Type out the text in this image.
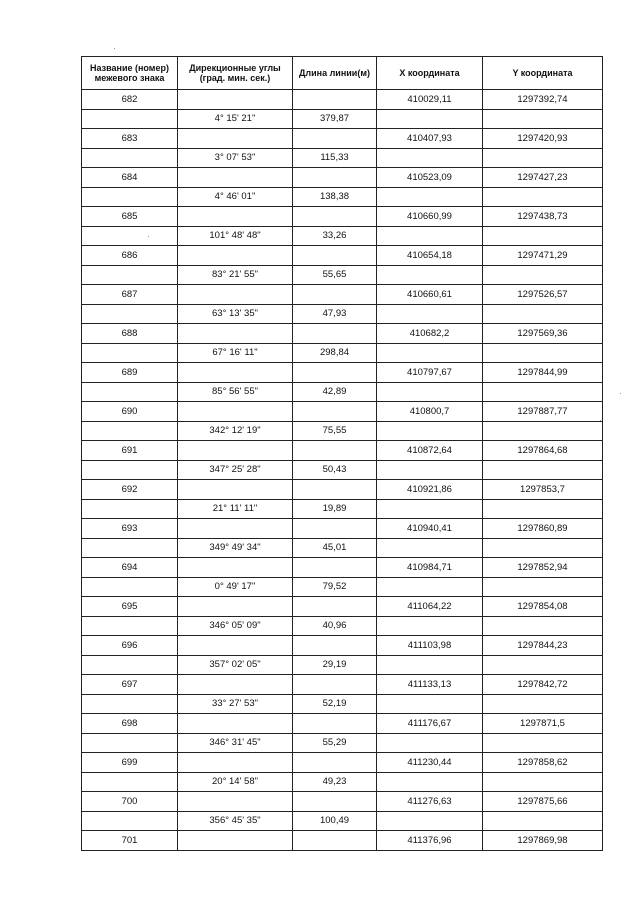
Название (номер) межевого знака	Дирекционные углы (град. мин. сек.)	Длина линии(м)	X координата	Y координата
682			410029,11	1297392,74
	4° 15' 21"	379,87		
683			410407,93	1297420,93
	3° 07' 53"	115,33		
684			410523,09	1297427,23
	4° 46' 01"	138,38		
685			410660,99	1297438,73
	101° 48' 48"	33,26		
686			410654,18	1297471,29
	83° 21' 55"	55,65		
687			410660,61	1297526,57
	63° 13' 35"	47,93		
688			410682,2	1297569,36
	67° 16' 11"	298,84		
689			410797,67	1297844,99
	85° 56' 55"	42,89		
690			410800,7	1297887,77
	342° 12' 19"	75,55		
691			410872,64	1297864,68
	347° 25' 28"	50,43		
692			410921,86	1297853,7
	21° 11' 11"	19,89		
693			410940,41	1297860,89
	349° 49' 34"	45,01		
694			410984,71	1297852,94
	0° 49' 17"	79,52		
695			411064,22	1297854,08
	346° 05' 09"	40,96		
696			411103,98	1297844,23
	357° 02' 05"	29,19		
697			411133,13	1297842,72
	33° 27' 53"	52,19		
698			411176,67	1297871,5
	346° 31' 45"	55,29		
699			411230,44	1297858,62
	20° 14' 58"	49,23		
700			411276,63	1297875,66
	356° 45' 35"	100,49		
701			411376,96	1297869,98
